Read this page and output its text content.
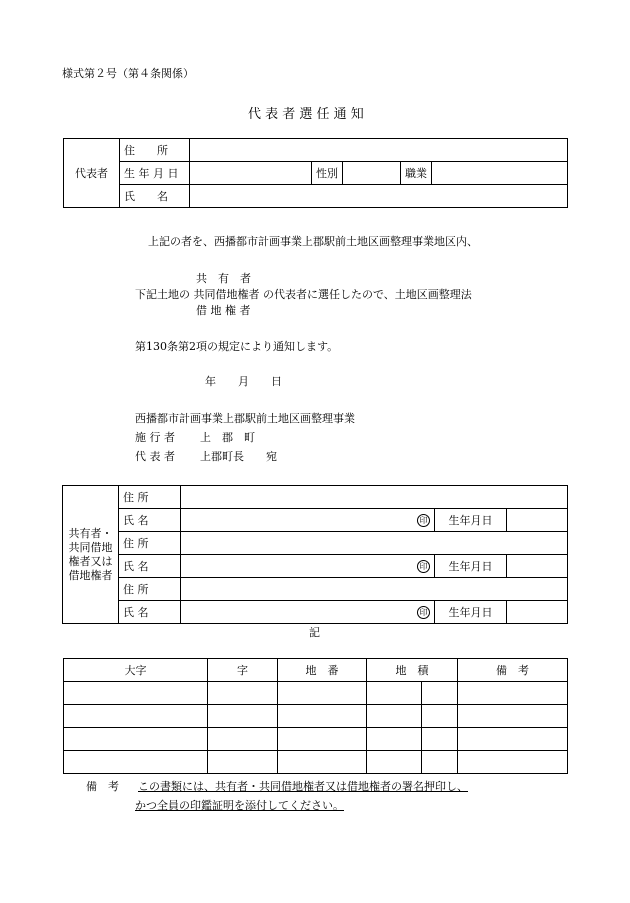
様式第２号（第４条関係）
代 表 者 選 任 通 知
代表者	住　　所					
	生 年 月 日		性別		職業	
	氏　　名					
上記の者を、西播都市計画事業上郡駅前土地区画整理事業地区内、
共　有　者
下記土地の 共同借地権者 の代表者に選任したので、土地区画整理法
借 地 権 者
第130条第2項の規定により通知します。
年　　月　　日
西播都市計画事業上郡駅前土地区画整理事業
施 行 者 上　郡　町
代 表 者 上郡町長　　宛
共有者・共同借地権者又は借地権者	住 所			
	氏 名	印	生年月日	
	住 所			
	氏 名	印	生年月日	
	住 所			
	氏 名	印	生年月日	
記
大字	字	地　番	地　積		備　考

備　考 この書類には、共有者・共同借地権者又は借地権者の署名押印し、
かつ全員の印鑑証明を添付してください。
